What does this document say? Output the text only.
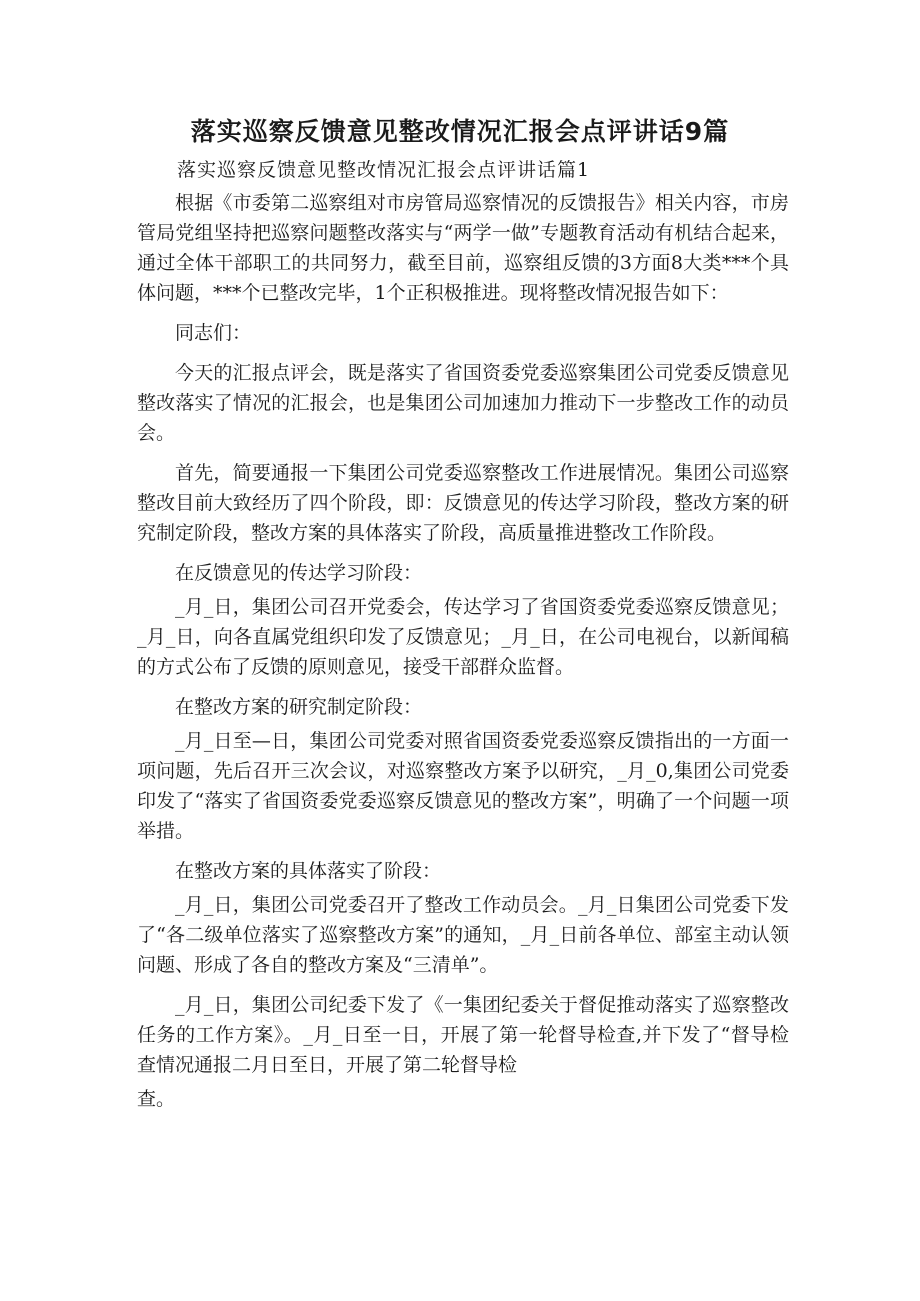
落实巡察反馈意见整改情况汇报会点评讲话9篇
落实巡察反馈意见整改情况汇报会点评讲话篇1

根据《市委第二巡察组对市房管局巡察情况的反馈报告》相关内容，市房管局党组坚持把巡察问题整改落实与“两学一做”专题教育活动有机结合起来，通过全体干部职工的共同努力，截至目前，巡察组反馈的3方面8大类***个具体问题，***个已整改完毕，1个正积极推进。现将整改情况报告如下：

同志们：

今天的汇报点评会，既是落实了省国资委党委巡察集团公司党委反馈意见整改落实了情况的汇报会，也是集团公司加速加力推动下一步整改工作的动员会。

首先，简要通报一下集团公司党委巡察整改工作进展情况。集团公司巡察整改目前大致经历了四个阶段，即：反馈意见的传达学习阶段，整改方案的研究制定阶段，整改方案的具体落实了阶段，高质量推进整改工作阶段。

在反馈意见的传达学习阶段：

_月_日，集团公司召开党委会，传达学习了省国资委党委巡察反馈意见；_月_日，向各直属党组织印发了反馈意见；_月_日，在公司电视台，以新闻稿的方式公布了反馈的原则意见，接受干部群众监督。

在整改方案的研究制定阶段：

_月_日至—日，集团公司党委对照省国资委党委巡察反馈指出的一方面一项问题，先后召开三次会议，对巡察整改方案予以研究，_月_0,集团公司党委印发了“落实了省国资委党委巡察反馈意见的整改方案”，明确了一个问题一项举措。

在整改方案的具体落实了阶段：

_月_日，集团公司党委召开了整改工作动员会。_月_日集团公司党委下发了“各二级单位落实了巡察整改方案”的通知，_月_日前各单位、部室主动认领问题、形成了各自的整改方案及“三清单”。

_月_日，集团公司纪委下发了《一集团纪委关于督促推动落实了巡察整改任务的工作方案》。_月_日至一日，开展了第一轮督导检查,并下发了“督导检查情况通报二月日至日，开展了第二轮督导检

查。
